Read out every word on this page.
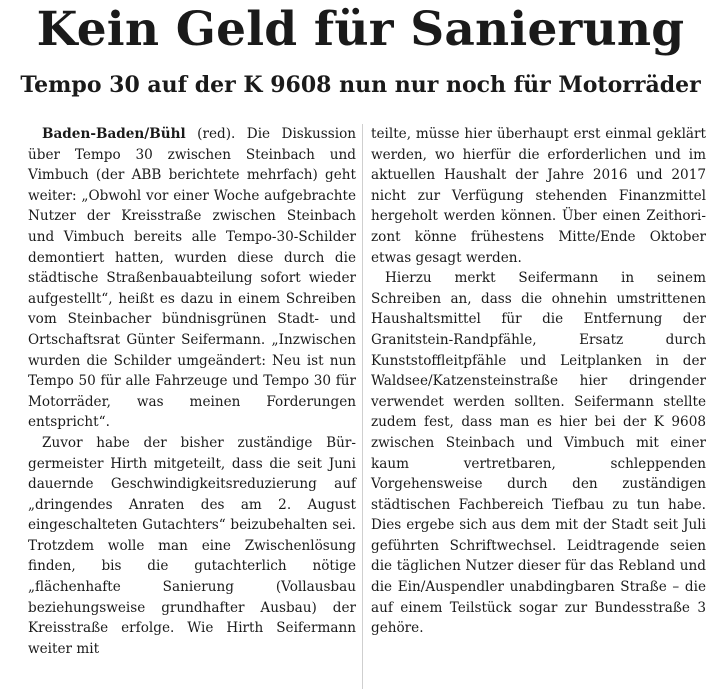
Kein Geld für Sanierung
Tempo 30 auf der K 9608 nun nur noch für Motorräder

Baden-Baden/Bühl (red). Die Diskussion über Tempo 30 zwischen Steinbach und Vimbuch (der ABB berichtete mehrfach) geht weiter: „Obwohl vor einer Woche aufgebrachte Nutzer der Kreisstraße zwischen Steinbach und Vimbuch bereits alle Tempo-30-Schilder demontiert hatten, wurden diese durch die städtische Straßenbauabteilung sofort wieder aufgestellt“, heißt es dazu in einem Schreiben vom Steinbacher bündnisgrünen Stadt- und Ortschaftsrat Günter Seifermann. „Inzwischen wurden die Schilder umgeändert: Neu ist nun Tempo 50 für alle Fahrzeuge und Tempo 30 für Motorräder, was meinen Forderungen entspricht“.

Zuvor habe der bisher zuständige Bürgermeister Hirth mitgeteilt, dass die seit Juni dauernde Geschwindigkeitsreduzierung auf „dringendes Anraten des am 2. August eingeschalteten Gutachters“ beizubehalten sei. Trotzdem wolle man eine Zwischenlösung finden, bis die gutachterlich nötige „flächenhafte Sanierung (Vollausbau beziehungsweise grundhafter Ausbau) der Kreisstraße erfolge. Wie Hirth Seifermann weiter mit

teilte, müsse hier überhaupt erst einmal geklärt werden, wo hierfür die erforderlichen und im aktuellen Haushalt der Jahre 2016 und 2017 nicht zur Verfügung stehenden Finanzmittel hergeholt werden können. Über einen Zeithorizont könne frühestens Mitte/Ende Oktober etwas gesagt werden.

Hierzu merkt Seifermann in seinem Schreiben an, dass die ohnehin umstrittenen Haushaltsmittel für die Entfernung der Granitstein-Randpfähle, Ersatz durch Kunststoffleitpfähle und Leitplanken in der Waldsee/Katzensteinstraße hier dringender verwendet werden sollten. Seifermann stellte zudem fest, dass man es hier bei der K 9608 zwischen Steinbach und Vimbuch mit einer kaum vertretbaren, schleppenden Vorgehensweise durch den zuständigen städtischen Fachbereich Tiefbau zu tun habe. Dies ergebe sich aus dem mit der Stadt seit Juli geführten Schriftwechsel. Leidtragende seien die täglichen Nutzer dieser für das Rebland und die Ein/Auspendler unabdingbaren Straße – die auf einem Teilstück sogar zur Bundesstraße 3 gehöre.
